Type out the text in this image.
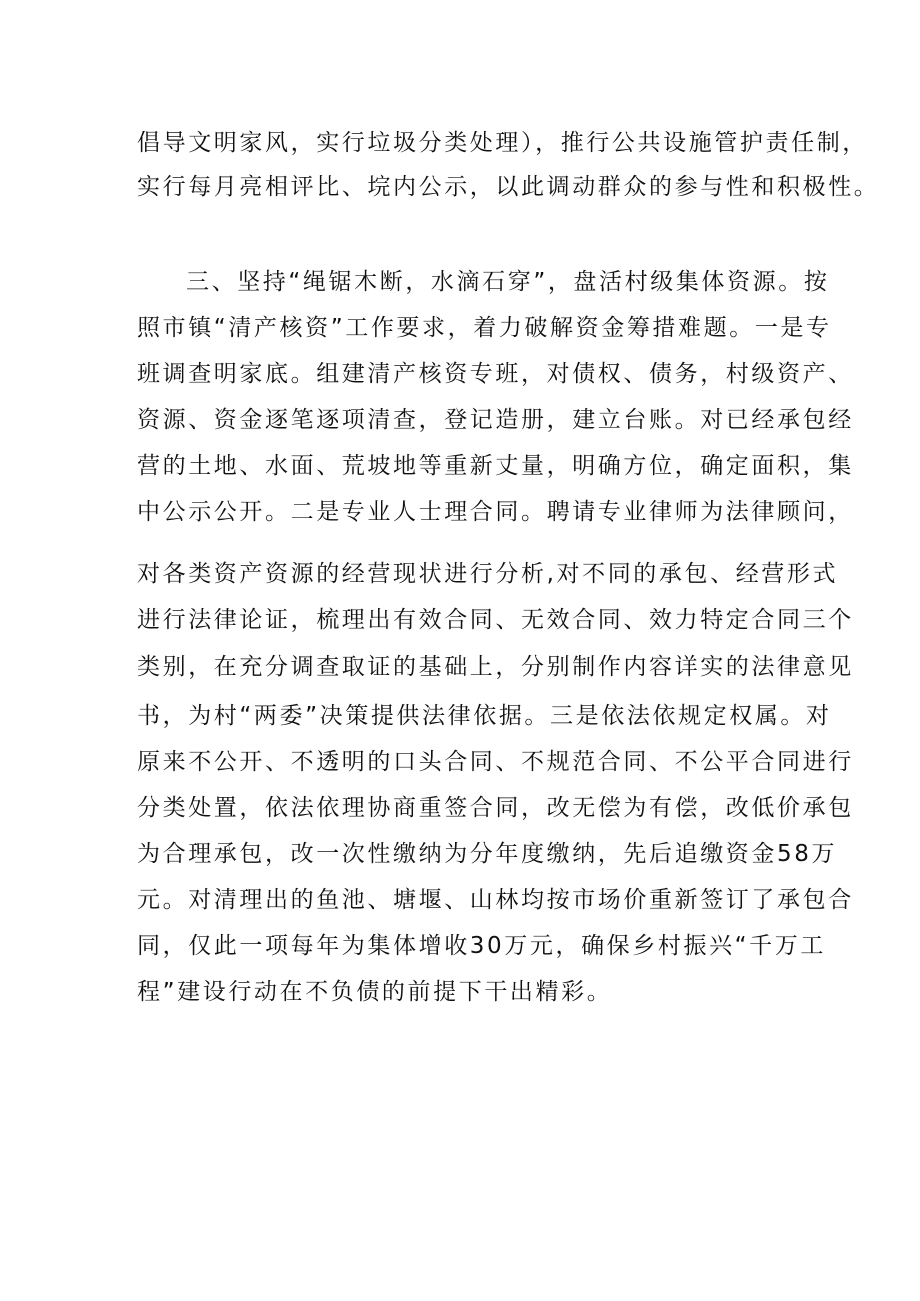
倡导文明家风，实行垃圾分类处理），推行公共设施管护责任制，
实行每月亮相评比、垸内公示，以此调动群众的参与性和积极性。
三、坚持“绳锯木断，水滴石穿”，盘活村级集体资源。按
照市镇“清产核资”工作要求，着力破解资金筹措难题。一是专
班调查明家底。组建清产核资专班，对债权、债务，村级资产、
资源、资金逐笔逐项清查，登记造册，建立台账。对已经承包经
营的土地、水面、荒坡地等重新丈量，明确方位，确定面积，集
中公示公开。二是专业人士理合同。聘请专业律师为法律顾问，
对各类资产资源的经营现状进行分析,对不同的承包、经营形式
进行法律论证，梳理出有效合同、无效合同、效力特定合同三个
类别，在充分调查取证的基础上，分别制作内容详实的法律意见
书，为村“两委”决策提供法律依据。三是依法依规定权属。对
原来不公开、不透明的口头合同、不规范合同、不公平合同进行
分类处置，依法依理协商重签合同，改无偿为有偿，改低价承包
为合理承包，改一次性缴纳为分年度缴纳，先后追缴资金58万
元。对清理出的鱼池、塘堰、山林均按市场价重新签订了承包合
同，仅此一项每年为集体增收30万元，确保乡村振兴“千万工
程”建设行动在不负债的前提下干出精彩。
